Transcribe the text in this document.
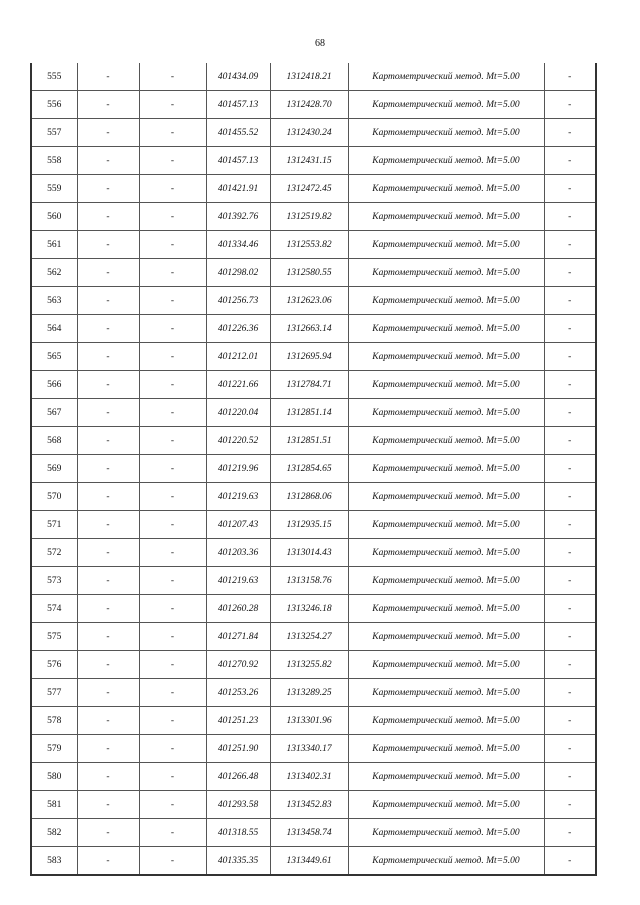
68
555	-	-	401434.09	1312418.21	Картометрический метод. Mt=5.00	-
556	-	-	401457.13	1312428.70	Картометрический метод. Mt=5.00	-
557	-	-	401455.52	1312430.24	Картометрический метод. Mt=5.00	-
558	-	-	401457.13	1312431.15	Картометрический метод. Mt=5.00	-
559	-	-	401421.91	1312472.45	Картометрический метод. Mt=5.00	-
560	-	-	401392.76	1312519.82	Картометрический метод. Mt=5.00	-
561	-	-	401334.46	1312553.82	Картометрический метод. Mt=5.00	-
562	-	-	401298.02	1312580.55	Картометрический метод. Mt=5.00	-
563	-	-	401256.73	1312623.06	Картометрический метод. Mt=5.00	-
564	-	-	401226.36	1312663.14	Картометрический метод. Mt=5.00	-
565	-	-	401212.01	1312695.94	Картометрический метод. Mt=5.00	-
566	-	-	401221.66	1312784.71	Картометрический метод. Mt=5.00	-
567	-	-	401220.04	1312851.14	Картометрический метод. Mt=5.00	-
568	-	-	401220.52	1312851.51	Картометрический метод. Mt=5.00	-
569	-	-	401219.96	1312854.65	Картометрический метод. Mt=5.00	-
570	-	-	401219.63	1312868.06	Картометрический метод. Mt=5.00	-
571	-	-	401207.43	1312935.15	Картометрический метод. Mt=5.00	-
572	-	-	401203.36	1313014.43	Картометрический метод. Mt=5.00	-
573	-	-	401219.63	1313158.76	Картометрический метод. Mt=5.00	-
574	-	-	401260.28	1313246.18	Картометрический метод. Mt=5.00	-
575	-	-	401271.84	1313254.27	Картометрический метод. Mt=5.00	-
576	-	-	401270.92	1313255.82	Картометрический метод. Mt=5.00	-
577	-	-	401253.26	1313289.25	Картометрический метод. Mt=5.00	-
578	-	-	401251.23	1313301.96	Картометрический метод. Mt=5.00	-
579	-	-	401251.90	1313340.17	Картометрический метод. Mt=5.00	-
580	-	-	401266.48	1313402.31	Картометрический метод. Mt=5.00	-
581	-	-	401293.58	1313452.83	Картометрический метод. Mt=5.00	-
582	-	-	401318.55	1313458.74	Картометрический метод. Mt=5.00	-
583	-	-	401335.35	1313449.61	Картометрический метод. Mt=5.00	-
